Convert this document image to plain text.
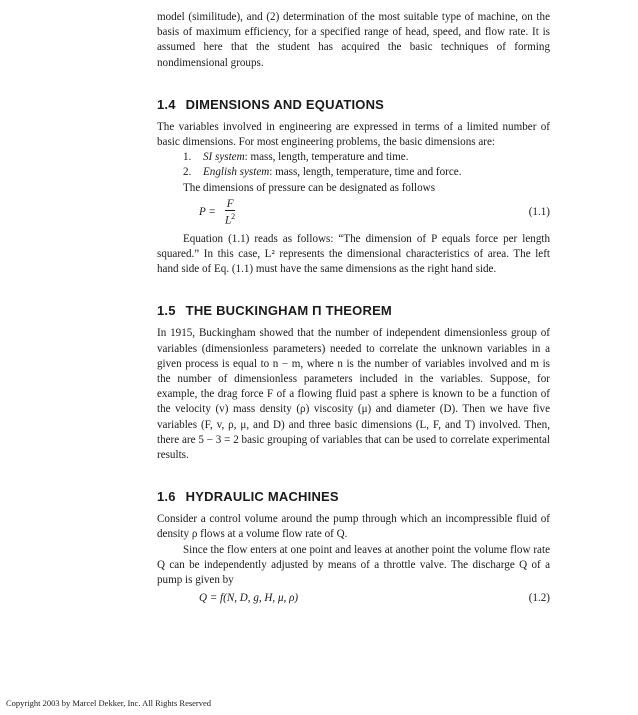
model (similitude), and (2) determination of the most suitable type of machine, on the basis of maximum efficiency, for a specified range of head, speed, and flow rate. It is assumed here that the student has acquired the basic techniques of forming nondimensional groups.

1.4 DIMENSIONS AND EQUATIONS

The variables involved in engineering are expressed in terms of a limited number of basic dimensions. For most engineering problems, the basic dimensions are:

1. SI system: mass, length, temperature and time.
2. English system: mass, length, temperature, time and force.

The dimensions of pressure can be designated as follows

$P = \frac{F}{L^2}$	(1.1)

Equation (1.1) reads as follows: “The dimension of P equals force per length squared.” In this case, L² represents the dimensional characteristics of area. The left hand side of Eq. (1.1) must have the same dimensions as the right hand side.

1.5 THE BUCKINGHAM Π THEOREM

In 1915, Buckingham showed that the number of independent dimensionless group of variables (dimensionless parameters) needed to correlate the unknown variables in a given process is equal to n − m, where n is the number of variables involved and m is the number of dimensionless parameters included in the variables. Suppose, for example, the drag force F of a flowing fluid past a sphere is known to be a function of the velocity (v) mass density (ρ) viscosity (μ) and diameter (D). Then we have five variables (F, v, ρ, μ, and D) and three basic dimensions (L, F, and T) involved. Then, there are 5 − 3 = 2 basic grouping of variables that can be used to correlate experimental results.

1.6 HYDRAULIC MACHINES

Consider a control volume around the pump through which an incompressible fluid of density ρ flows at a volume flow rate of Q.

Since the flow enters at one point and leaves at another point the volume flow rate Q can be independently adjusted by means of a throttle valve. The discharge Q of a pump is given by

Q = f(N, D, g, H, μ, ρ)	(1.2)
Copyright 2003 by Marcel Dekker, Inc. All Rights Reserved
